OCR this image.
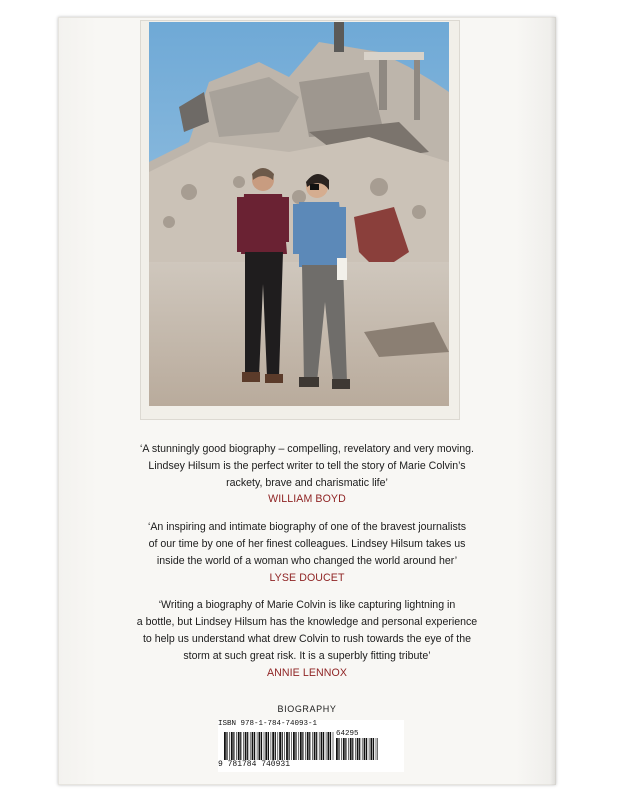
‘A stunningly good biography – compelling, revelatory and very moving.
Lindsey Hilsum is the perfect writer to tell the story of Marie Colvin’s
rackety, brave and charismatic life’
WILLIAM BOYD
‘An inspiring and intimate biography of one of the bravest journalists
of our time by one of her finest colleagues. Lindsey Hilsum takes us
inside the world of a woman who changed the world around her’
LYSE DOUCET
‘Writing a biography of Marie Colvin is like capturing lightning in
a bottle, but Lindsey Hilsum has the knowledge and personal experience
to help us understand what drew Colvin to rush towards the eye of the
storm at such great risk. It is a superbly fitting tribute’
ANNIE LENNOX
BIOGRAPHY
ISBN 978-1-784-74093-1
64295
9 781784 740931
